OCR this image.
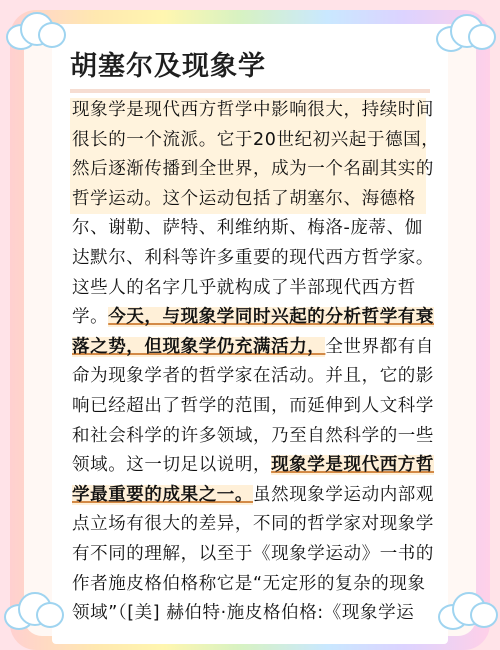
胡塞尔及现象学

现象学是现代西方哲学中影响很大，持续时间很长的一个流派。它于20世纪初兴起于德国，然后逐渐传播到全世界，成为一个名副其实的哲学运动。这个运动包括了胡塞尔、海德格尔、谢勒、萨特、利维纳斯、梅洛-庞蒂、伽达默尔、利科等许多重要的现代西方哲学家。这些人的名字几乎就构成了半部现代西方哲学。今天，与现象学同时兴起的分析哲学有衰落之势，但现象学仍充满活力，全世界都有自命为现象学者的哲学家在活动。并且，它的影响已经超出了哲学的范围，而延伸到人文科学和社会科学的许多领域，乃至自然科学的一些领域。这一切足以说明，现象学是现代西方哲学最重要的成果之一。虽然现象学运动内部观点立场有很大的差异，不同的哲学家对现象学有不同的理解，以至于《现象学运动》一书的作者施皮格伯格称它是“无定形的复杂的现象领域”（[美] 赫伯特·施皮格伯格:《现象学运
